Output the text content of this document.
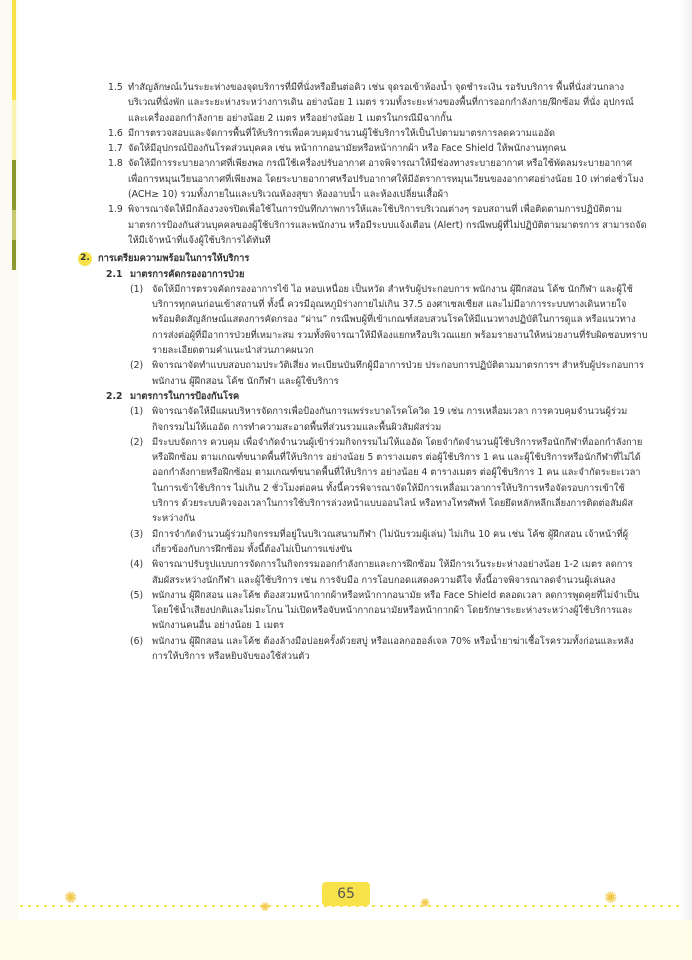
1.5 ทำสัญลักษณ์เว้นระยะห่างของจุดบริการที่มีที่นั่งหรือยืนต่อคิว เช่น จุดรอเข้าห้องน้ำ จุดชำระเงิน รอรับบริการ พื้นที่นั่งส่วนกลาง บริเวณที่นั่งพัก และระยะห่างระหว่างการเดิน อย่างน้อย 1 เมตร รวมทั้งระยะห่างของพื้นที่การออกกำลังกาย/ฝึกซ้อม ที่นั่ง อุปกรณ์ และเครื่องออกกำลังกาย อย่างน้อย 2 เมตร หรืออย่างน้อย 1 เมตรในกรณีมีฉากกั้น
1.6 มีการตรวจสอบและจัดการพื้นที่ให้บริการเพื่อควบคุมจำนวนผู้ใช้บริการให้เป็นไปตามมาตรการลดความแออัด
1.7 จัดให้มีอุปกรณ์ป้องกันโรคส่วนบุคคล เช่น หน้ากากอนามัยหรือหน้ากากผ้า หรือ Face Shield ให้พนักงานทุกคน
1.8 จัดให้มีการระบายอากาศที่เพียงพอ กรณีใช้เครื่องปรับอากาศ อาจพิจารณาให้มีช่องทางระบายอากาศ หรือใช้พัดลมระบายอากาศ เพื่อการหมุนเวียนอากาศที่เพียงพอ โดยระบายอากาศหรือปรับอากาศให้มีอัตราการหมุนเวียนของอากาศอย่างน้อย 10 เท่าต่อชั่วโมง (ACH≥ 10) รวมทั้งภายในและบริเวณห้องสุขา ห้องอาบน้ำ และห้องเปลี่ยนเสื้อผ้า
1.9 พิจารณาจัดให้มีกล้องวงจรปิดเพื่อใช้ในการบันทึกภาพการให้และใช้บริการบริเวณต่างๆ รอบสถานที่ เพื่อติดตามการปฏิบัติตามมาตรการป้องกันส่วนบุคคลของผู้ใช้บริการและพนักงาน หรือมีระบบแจ้งเตือน (Alert) กรณีพบผู้ที่ไม่ปฏิบัติตามมาตรการ สามารถจัดให้มีเจ้าหน้าที่แจ้งผู้ใช้บริการได้ทันที
2. การเตรียมความพร้อมในการให้บริการ
2.1 มาตรการคัดกรองอาการป่วย
(1) จัดให้มีการตรวจคัดกรองอาการไข้ ไอ หอบเหนื่อย เป็นหวัด สำหรับผู้ประกอบการ พนักงาน ผู้ฝึกสอน โค้ช นักกีฬา และผู้ใช้บริการทุกคนก่อนเข้าสถานที่ ทั้งนี้ ควรมีอุณหภูมิร่างกายไม่เกิน 37.5 องศาเซลเซียส และไม่มีอาการระบบทางเดินหายใจ พร้อมติดสัญลักษณ์แสดงการคัดกรอง “ผ่าน” กรณีพบผู้ที่เข้าเกณฑ์สอบสวนโรคให้มีแนวทางปฏิบัติในการดูแล หรือแนวทางการส่งต่อผู้ที่มีอาการป่วยที่เหมาะสม รวมทั้งพิจารณาให้มีห้องแยกหรือบริเวณแยก พร้อมรายงานให้หน่วยงานที่รับผิดชอบทราบ รายละเอียดตามคำแนะนำส่วนภาคผนวก
(2) พิจารณาจัดทำแบบสอบถามประวัติเสี่ยง ทะเบียนบันทึกผู้มีอาการป่วย ประกอบการปฏิบัติตามมาตรการฯ สำหรับผู้ประกอบการ พนักงาน ผู้ฝึกสอน โค้ช นักกีฬา และผู้ใช้บริการ
2.2 มาตรการในการป้องกันโรค
(1) พิจารณาจัดให้มีแผนบริหารจัดการเพื่อป้องกันการแพร่ระบาดโรคโควิด 19 เช่น การเหลื่อมเวลา การควบคุมจำนวนผู้ร่วมกิจกรรมไม่ให้แออัด การทำความสะอาดพื้นที่ส่วนรวมและพื้นผิวสัมผัสร่วม
(2) มีระบบจัดการ ควบคุม เพื่อจำกัดจำนวนผู้เข้าร่วมกิจกรรมไม่ให้แออัด โดยจำกัดจำนวนผู้ใช้บริการหรือนักกีฬาที่ออกกำลังกายหรือฝึกซ้อม ตามเกณฑ์ขนาดพื้นที่ให้บริการ อย่างน้อย 5 ตารางเมตร ต่อผู้ใช้บริการ 1 คน และผู้ใช้บริการหรือนักกีฬาที่ไม่ได้ออกกำลังกายหรือฝึกซ้อม ตามเกณฑ์ขนาดพื้นที่ให้บริการ อย่างน้อย 4 ตารางเมตร ต่อผู้ใช้บริการ 1 คน และจำกัดระยะเวลาในการเข้าใช้บริการ ไม่เกิน 2 ชั่วโมงต่อคน ทั้งนี้ควรพิจารณาจัดให้มีการเหลื่อมเวลาการให้บริการหรือจัดรอบการเข้าใช้บริการ ด้วยระบบคิวจองเวลาในการใช้บริการล่วงหน้าแบบออนไลน์ หรือทางโทรศัพท์ โดยยึดหลักหลีกเลี่ยงการติดต่อสัมผัสระหว่างกัน
(3) มีการจำกัดจำนวนผู้ร่วมกิจกรรมที่อยู่ในบริเวณสนามกีฬา (ไม่นับรวมผู้เล่น) ไม่เกิน 10 คน เช่น โค้ช ผู้ฝึกสอน เจ้าหน้าที่ผู้เกี่ยวข้องกับการฝึกซ้อม ทั้งนี้ต้องไม่เป็นการแข่งขัน
(4) พิจารณาปรับรูปแบบการจัดการในกิจกรรมออกกำลังกายและการฝึกซ้อม ให้มีการเว้นระยะห่างอย่างน้อย 1-2 เมตร ลดการสัมผัสระหว่างนักกีฬา และผู้ใช้บริการ เช่น การจับมือ การโอบกอดแสดงความดีใจ ทั้งนี้อาจพิจารณาลดจำนวนผู้เล่นลง
(5) พนักงาน ผู้ฝึกสอน และโค้ช ต้องสวมหน้ากากผ้าหรือหน้ากากอนามัย หรือ Face Shield ตลอดเวลา ลดการพูดคุยที่ไม่จำเป็น โดยใช้น้ำเสียงปกติและไม่ตะโกน ไม่เปิดหรือจับหน้ากากอนามัยหรือหน้ากากผ้า โดยรักษาระยะห่างระหว่างผู้ใช้บริการและพนักงานคนอื่น อย่างน้อย 1 เมตร
(6) พนักงาน ผู้ฝึกสอน และโค้ช ต้องล้างมือบ่อยครั้งด้วยสบู่ หรือแอลกอฮอล์เจล 70% หรือน้ำยาฆ่าเชื้อโรครวมทั้งก่อนและหลังการให้บริการ หรือหยิบจับของใช้ส่วนตัว
✺	✺	✺	✺
65
